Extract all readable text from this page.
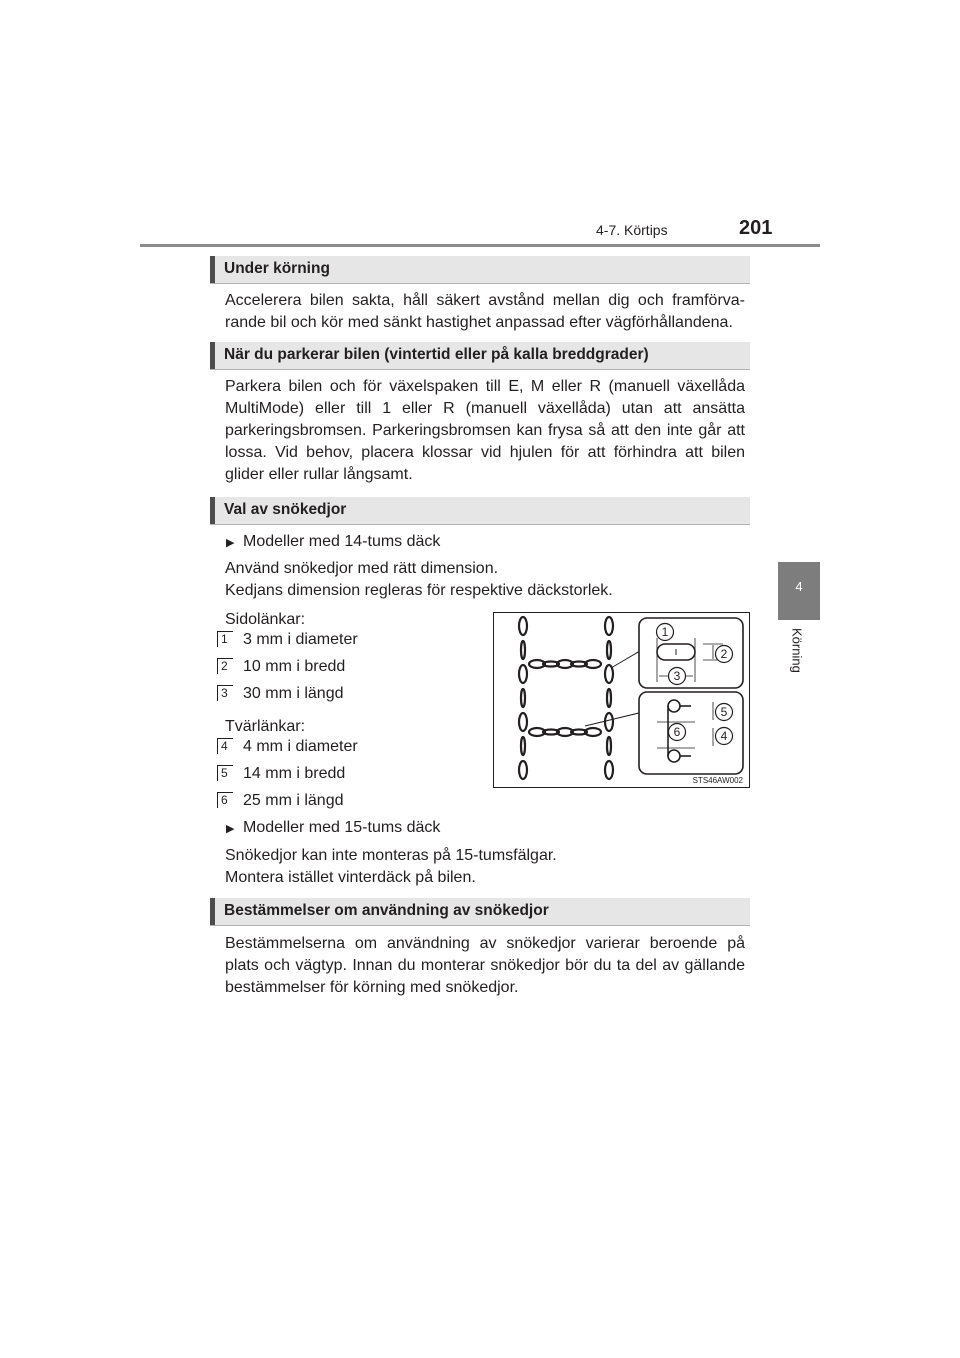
4-7. Körtips	201
4
Körning
Under körning

Accelerera bilen sakta, håll säkert avstånd mellan dig och framförva-rande bil och kör med sänkt hastighet anpassad efter vägförhållandena.

När du parkerar bilen (vintertid eller på kalla breddgrader)

Parkera bilen och för växelspaken till E, M eller R (manuell växellåda MultiMode) eller till 1 eller R (manuell växellåda) utan att ansätta parkeringsbromsen. Parkeringsbromsen kan frysa så att den inte går att lossa. Vid behov, placera klossar vid hjulen för att förhindra att bilen glider eller rullar långsamt.

Val av snökedjor
▶ Modeller med 14-tums däck
Använd snökedjor med rätt dimension.
Kedjans dimension regleras för respektive däckstorlek.
Sidolänkar:
1 3 mm i diameter
2 10 mm i bredd
3 30 mm i längd
Tvärlänkar:
4 4 mm i diameter
5 14 mm i bredd
6 25 mm i längd
▶ Modeller med 15-tums däck
Snökedjor kan inte monteras på 15-tumsfälgar.
Montera istället vinterdäck på bilen.
1
2
3
4
5
6
STS46AW002
Bestämmelser om användning av snökedjor

Bestämmelserna om användning av snökedjor varierar beroende på plats och vägtyp. Innan du monterar snökedjor bör du ta del av gällande bestämmelser för körning med snökedjor.
